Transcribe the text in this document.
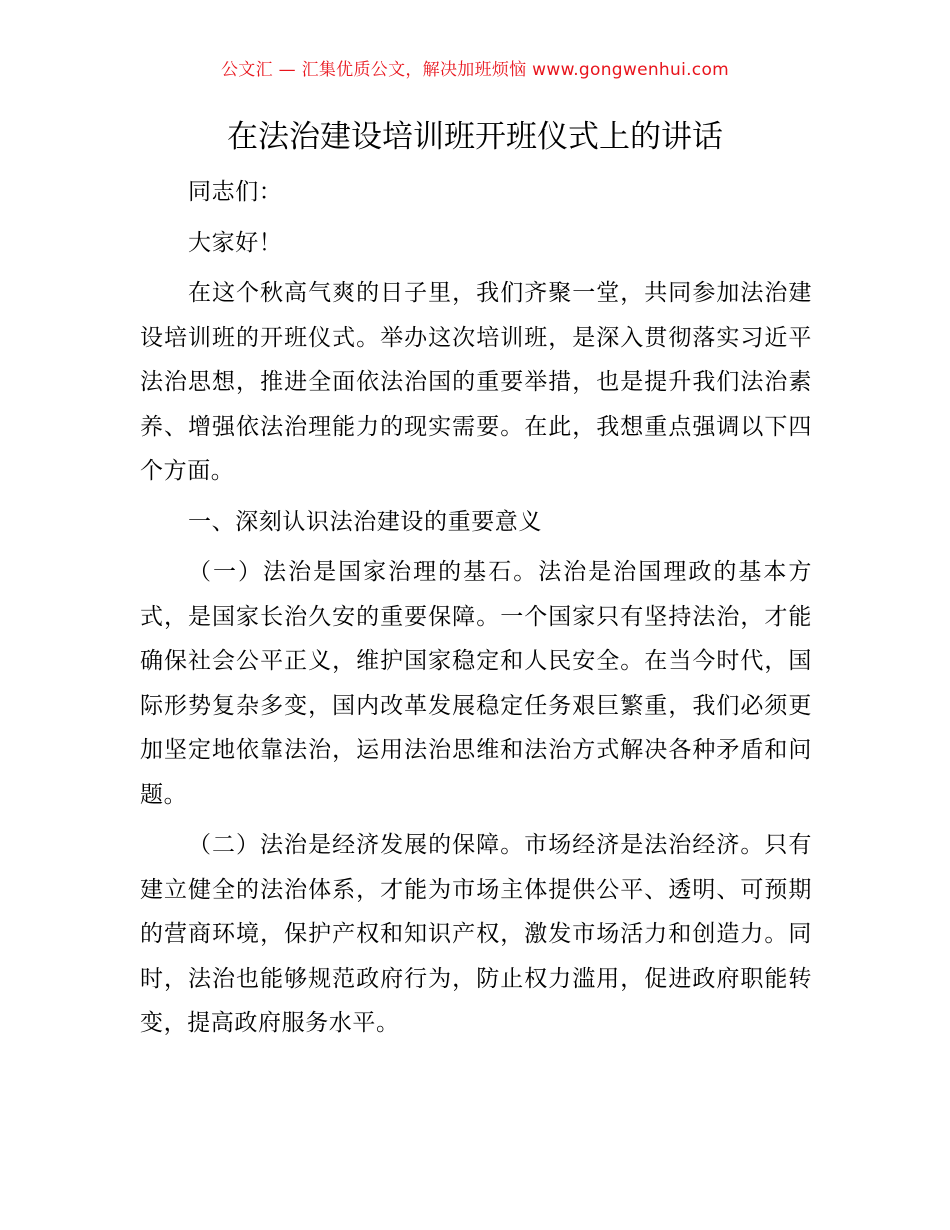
公文汇 — 汇集优质公文，解决加班烦恼 www.gongwenhui.com
在法治建设培训班开班仪式上的讲话

同志们：

大家好！

在这个秋高气爽的日子里，我们齐聚一堂，共同参加法治建设培训班的开班仪式。举办这次培训班，是深入贯彻落实习近平法治思想，推进全面依法治国的重要举措，也是提升我们法治素养、增强依法治理能力的现实需要。在此，我想重点强调以下四个方面。

一、深刻认识法治建设的重要意义

（一）法治是国家治理的基石。法治是治国理政的基本方式，是国家长治久安的重要保障。一个国家只有坚持法治，才能确保社会公平正义，维护国家稳定和人民安全。在当今时代，国际形势复杂多变，国内改革发展稳定任务艰巨繁重，我们必须更加坚定地依靠法治，运用法治思维和法治方式解决各种矛盾和问题。

（二）法治是经济发展的保障。市场经济是法治经济。只有建立健全的法治体系，才能为市场主体提供公平、透明、可预期的营商环境，保护产权和知识产权，激发市场活力和创造力。同时，法治也能够规范政府行为，防止权力滥用，促进政府职能转变，提高政府服务水平。
